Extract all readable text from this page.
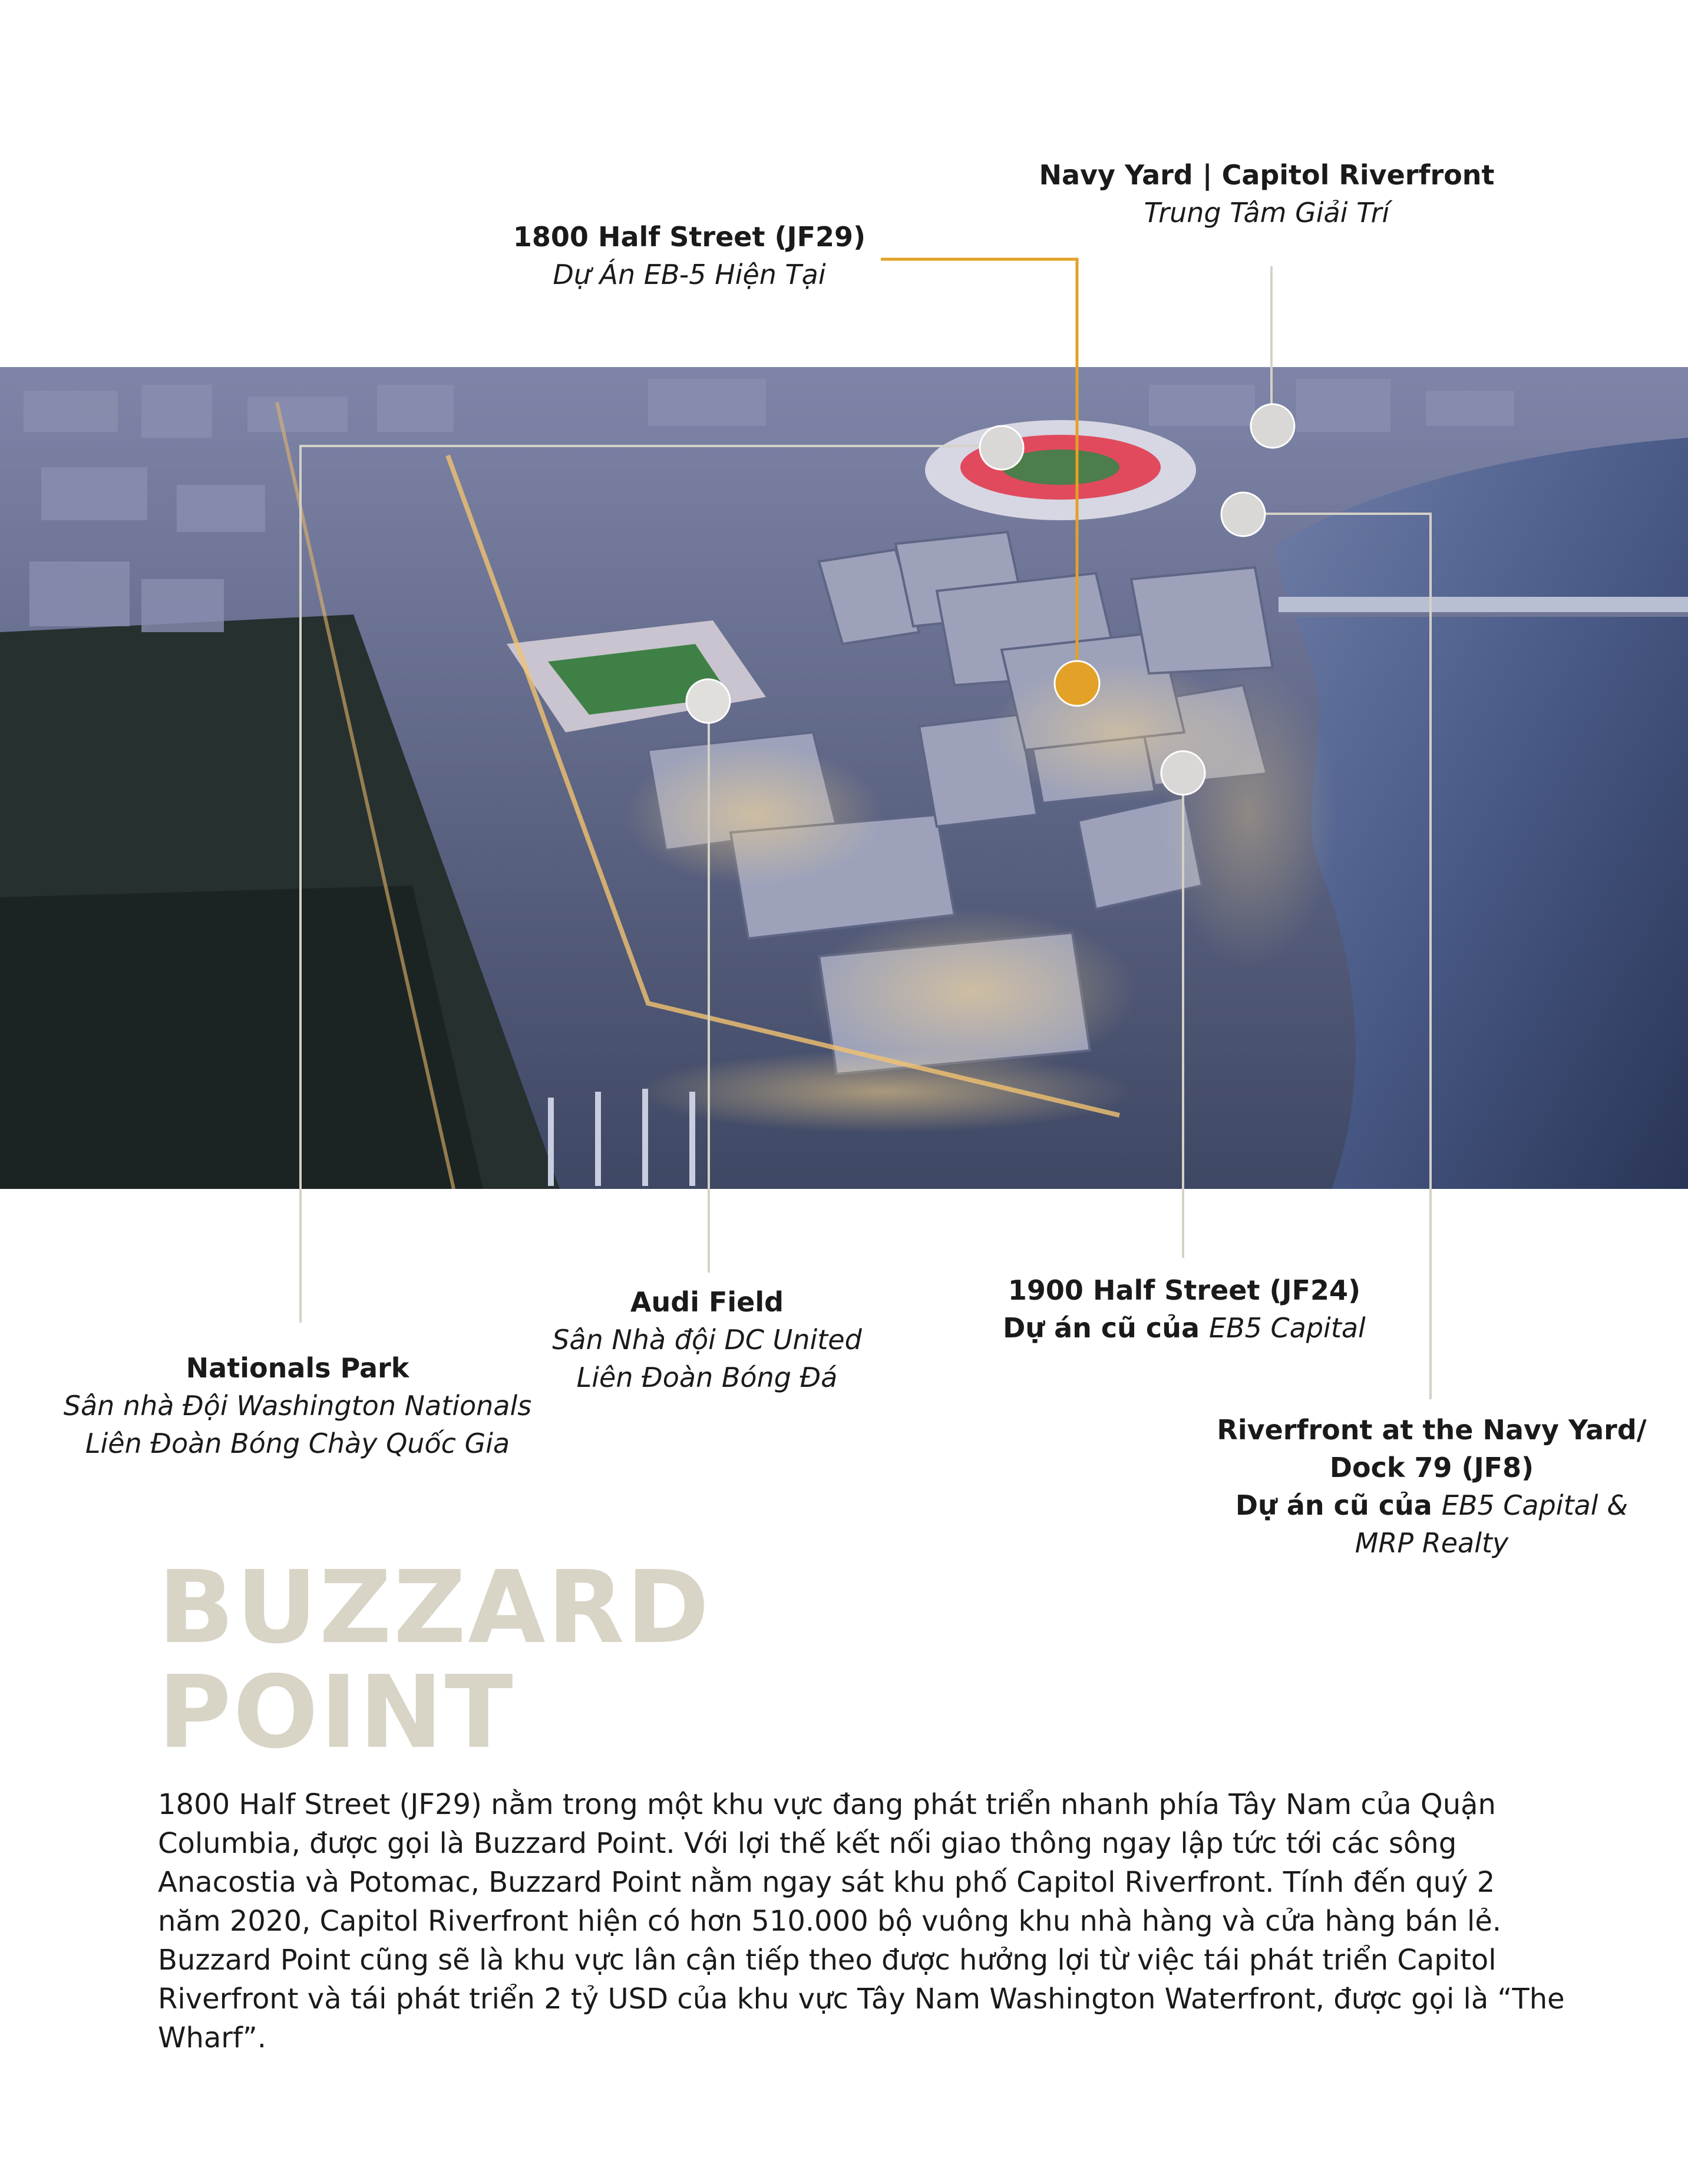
Navy Yard | Capitol Riverfront
Trung Tâm Giải Trí
1800 Half Street (JF29)
Dự Án EB-5 Hiện Tại
Nationals Park
Sân nhà Đội Washington Nationals
Liên Đoàn Bóng Chày Quốc Gia
Audi Field
Sân Nhà đội DC United
Liên Đoàn Bóng Đá
1900 Half Street (JF24)
Dự án cũ của EB5 Capital
Riverfront at the Navy Yard/
Dock 79 (JF8)
Dự án cũ của EB5 Capital &
MRP Realty
BUZZARD
POINT

1800 Half Street (JF29) nằm trong một khu vực đang phát triển nhanh phía Tây Nam của Quận Columbia, được gọi là Buzzard Point. Với lợi thế kết nối giao thông ngay lập tức tới các sông Anacostia và Potomac, Buzzard Point nằm ngay sát khu phố Capitol Riverfront. Tính đến quý 2 năm 2020, Capitol Riverfront hiện có hơn 510.000 bộ vuông khu nhà hàng và cửa hàng bán lẻ. Buzzard Point cũng sẽ là khu vực lân cận tiếp theo được hưởng lợi từ việc tái phát triển Capitol Riverfront và tái phát triển 2 tỷ USD của khu vực Tây Nam Washington Waterfront, được gọi là “The Wharf”.
